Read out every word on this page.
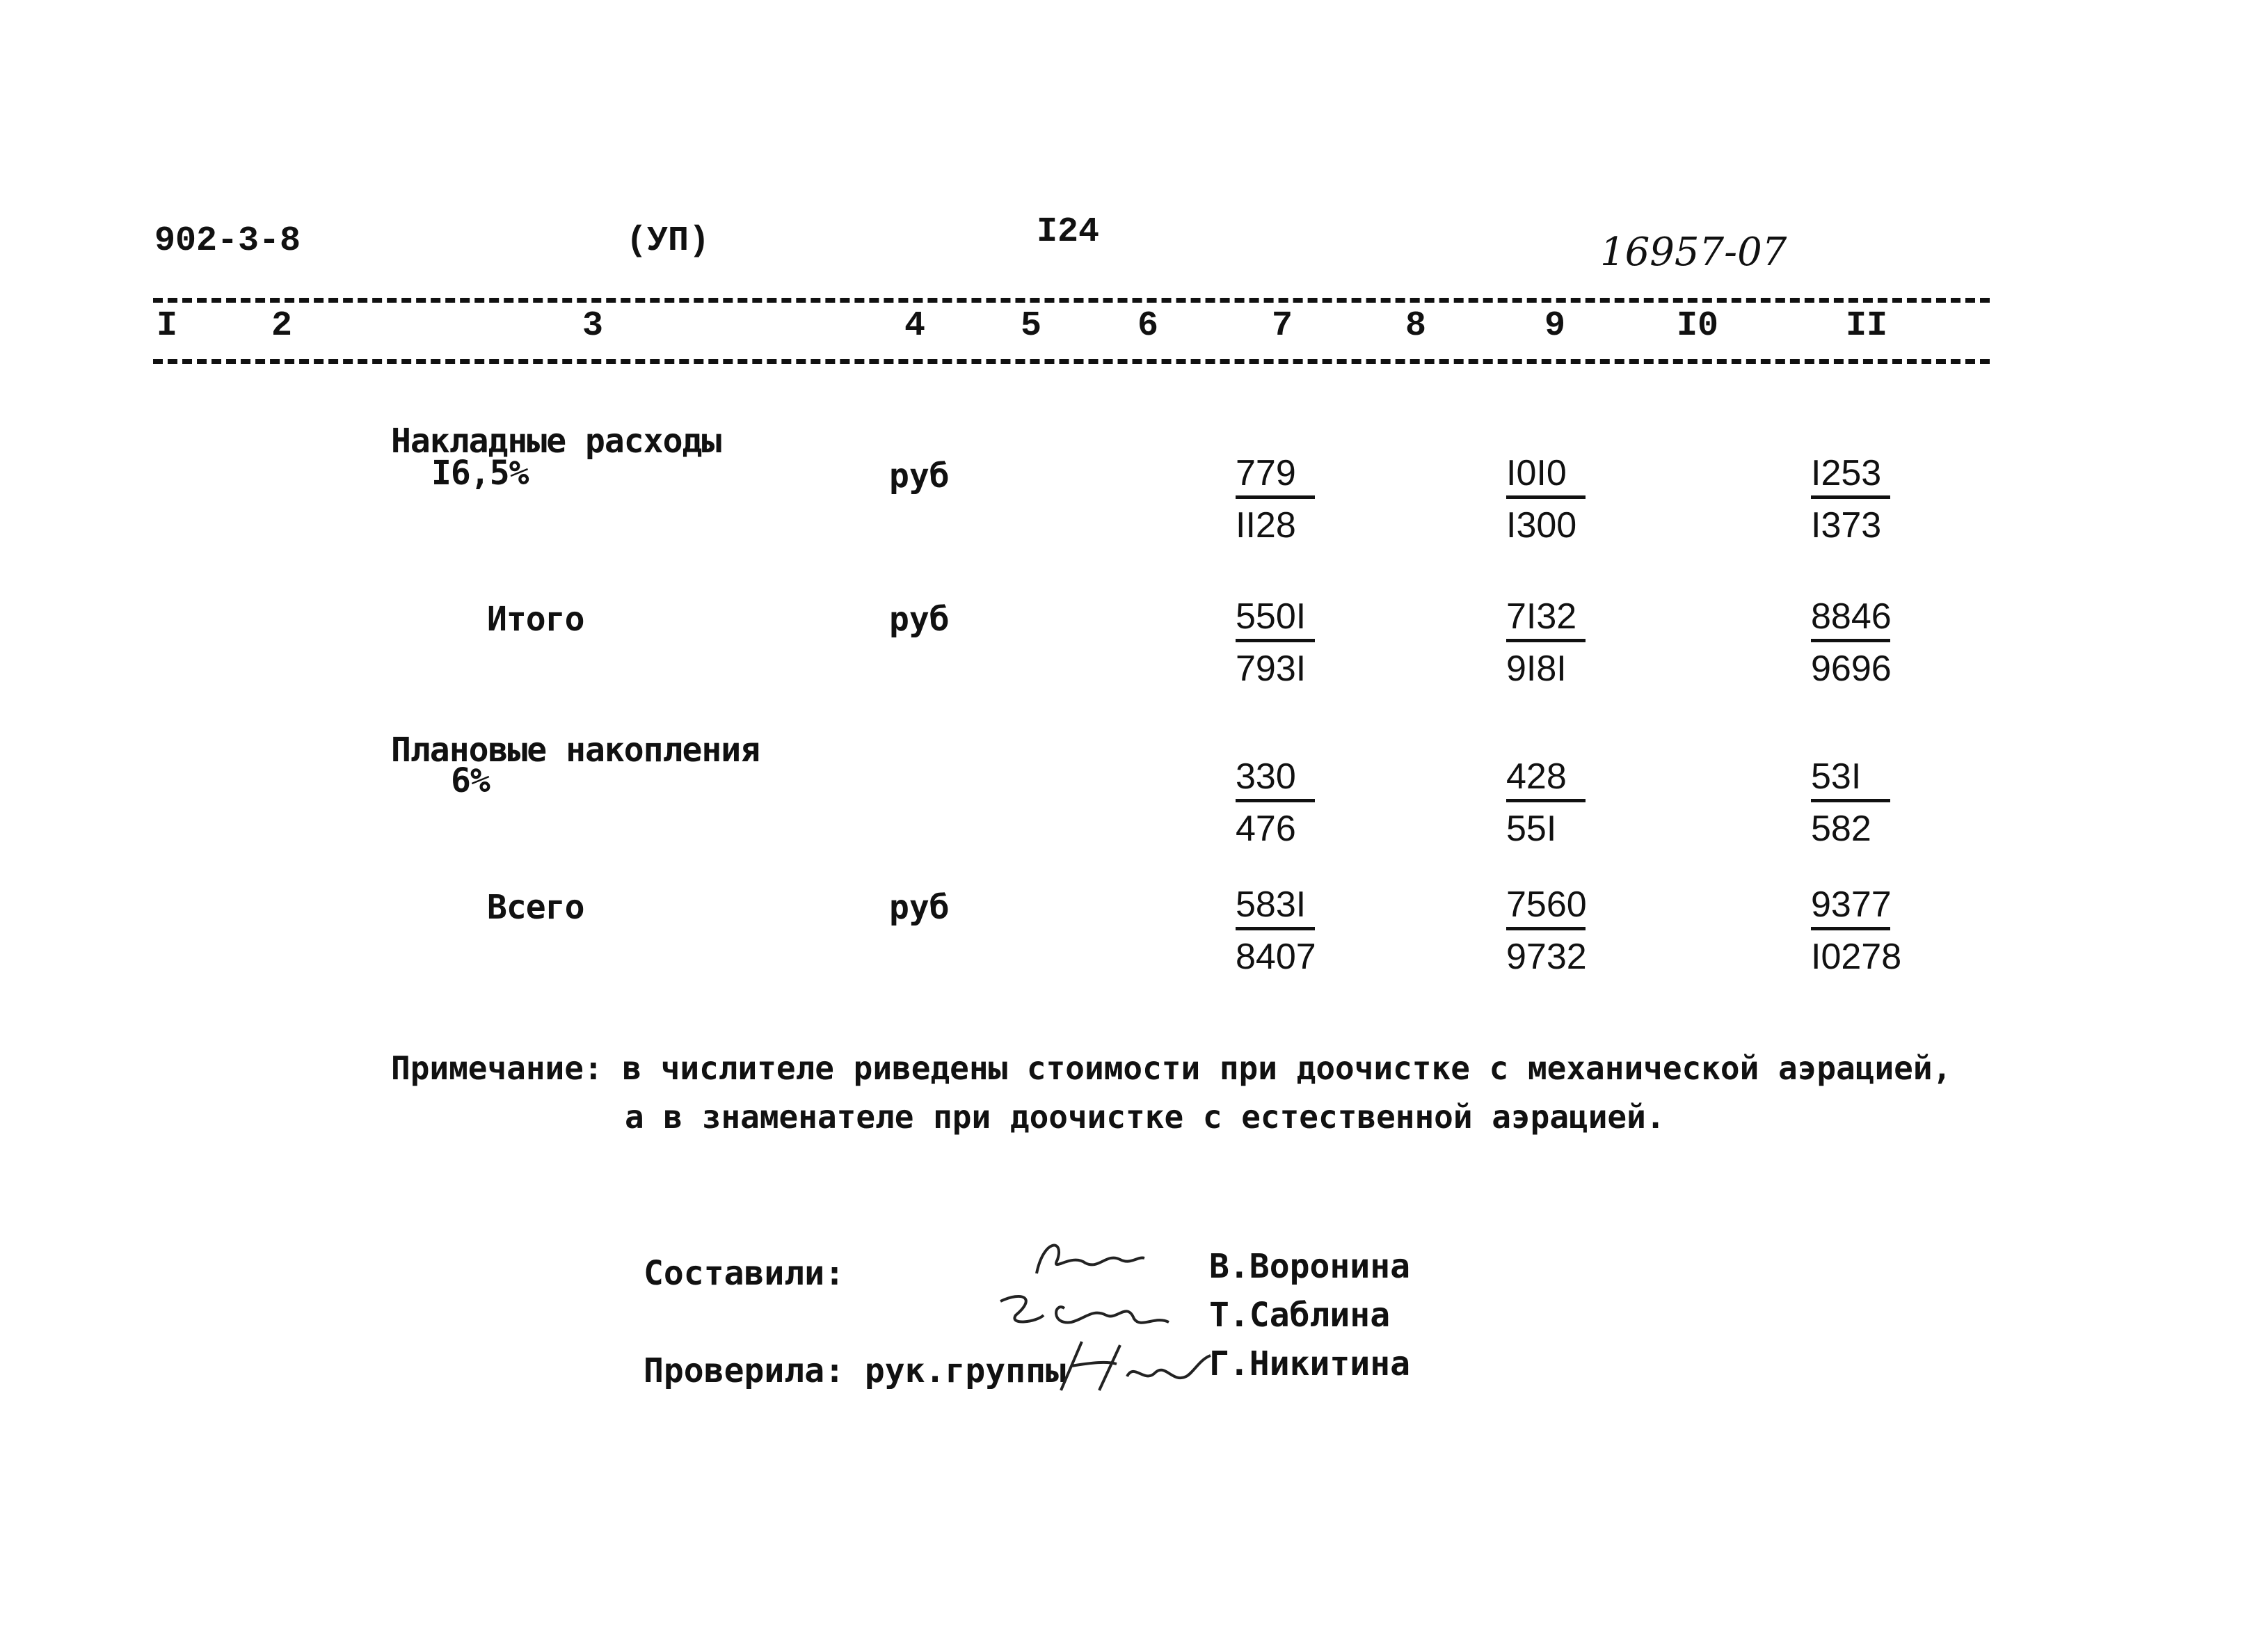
902-3-8	(УП)	I24	16957-07
I	2	3	4	5	6	7	8	9	I0	II
Накладные расходы
I6,5%	руб	$\frac{779}{II28}$	$\frac{I0I0}{I300}$	$\frac{I253}{I373}$
Итого	руб	$\frac{550I}{793I}$	$\frac{7I32}{9I8I}$	$\frac{8846}{9696}$
Плановые накопления
6%	$\frac{330}{476}$	$\frac{428}{55I}$	$\frac{53I}{582}$
Всего	руб	$\frac{583I}{8407}$	$\frac{7560}{9732}$	$\frac{9377}{I0278}$
Примечание: в числителе риведены стоимости при доочистке с механической аэрацией,
а в знаменателе при доочистке с естественной аэрацией.
Составили:
Проверила: рук.группы
В.Воронина
Т.Саблина
Г.Никитина
